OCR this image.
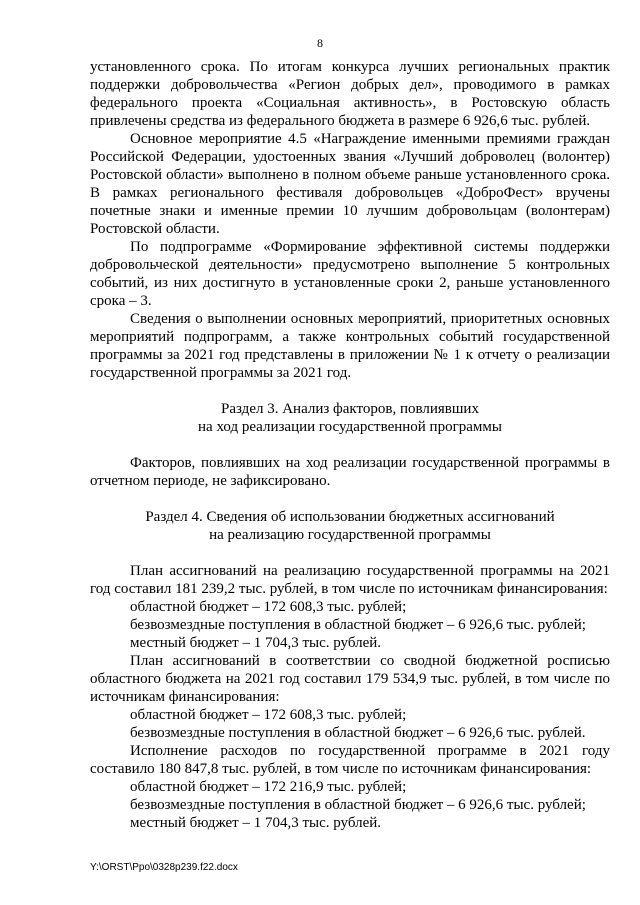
8

установленного срока. По итогам конкурса лучших региональных практик поддержки добровольчества «Регион добрых дел», проводимого в рамках федерального проекта «Социальная активность», в Ростовскую область привлечены средства из федерального бюджета в размере 6 926,6 тыс. рублей.

Основное мероприятие 4.5 «Награждение именными премиями граждан Российской Федерации, удостоенных звания «Лучший доброволец (волонтер) Ростовской области» выполнено в полном объеме раньше установленного срока. В рамках регионального фестиваля добровольцев «ДоброФест» вручены почетные знаки и именные премии 10 лучшим добровольцам (волонтерам) Ростовской области.

По подпрограмме «Формирование эффективной системы поддержки добровольческой деятельности» предусмотрено выполнение 5 контрольных событий, из них достигнуто в установленные сроки 2, раньше установленного срока – 3.

Сведения о выполнении основных мероприятий, приоритетных основных мероприятий подпрограмм, а также контрольных событий государственной программы за 2021 год представлены в приложении № 1 к отчету о реализации государственной программы за 2021 год.

Раздел 3. Анализ факторов, повлиявших

на ход реализации государственной программы

Факторов, повлиявших на ход реализации государственной программы в отчетном периоде, не зафиксировано.

Раздел 4. Сведения об использовании бюджетных ассигнований

на реализацию государственной программы

План ассигнований на реализацию государственной программы на 2021 год составил 181 239,2 тыс. рублей, в том числе по источникам финансирования:

областной бюджет – 172 608,3 тыс. рублей;

безвозмездные поступления в областной бюджет – 6 926,6 тыс. рублей;

местный бюджет – 1 704,3 тыс. рублей.

План ассигнований в соответствии со сводной бюджетной росписью областного бюджета на 2021 год составил 179 534,9 тыс. рублей, в том числе по источникам финансирования:

областной бюджет – 172 608,3 тыс. рублей;

безвозмездные поступления в областной бюджет – 6 926,6 тыс. рублей.

Исполнение расходов по государственной программе в 2021 году составило 180 847,8 тыс. рублей, в том числе по источникам финансирования:

областной бюджет – 172 216,9 тыс. рублей;

безвозмездные поступления в областной бюджет – 6 926,6 тыс. рублей;

местный бюджет – 1 704,3 тыс. рублей.

Y:\ORST\Ppo\0328p239.f22.docx
